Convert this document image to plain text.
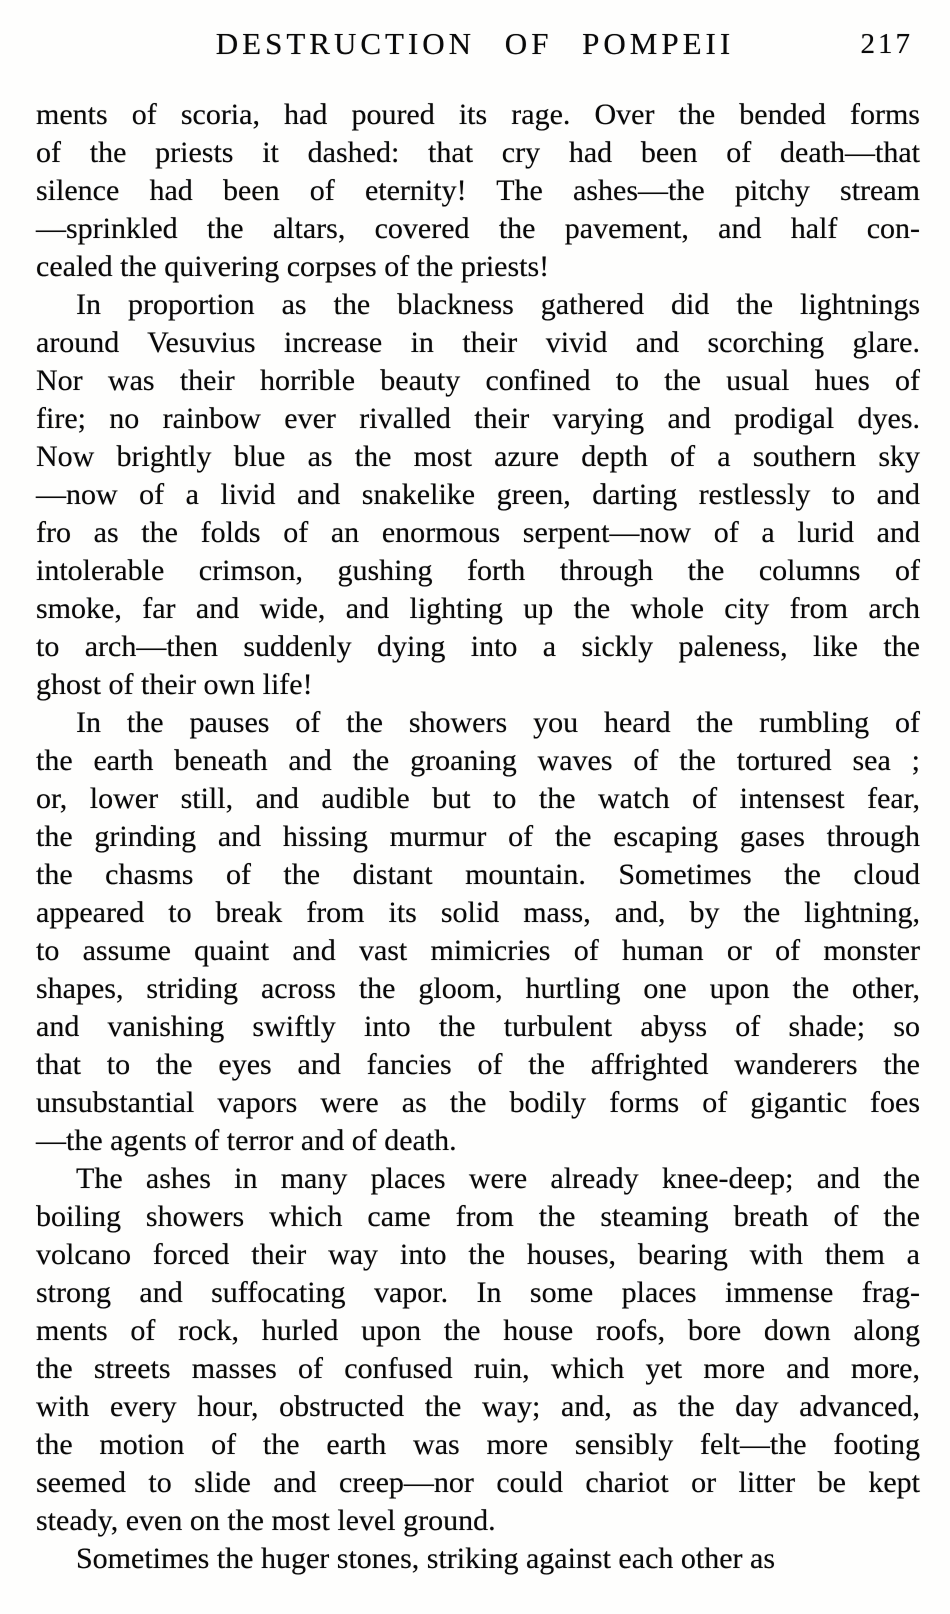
DESTRUCTION OF POMPEII	217
ments of scoria, had poured its rage. Over the bended forms
of the priests it dashed: that cry had been of death—that
silence had been of eternity! The ashes—the pitchy stream
—sprinkled the altars, covered the pavement, and half con-
cealed the quivering corpses of the priests!
In proportion as the blackness gathered did the lightnings
around Vesuvius increase in their vivid and scorching glare.
Nor was their horrible beauty confined to the usual hues of
fire; no rainbow ever rivalled their varying and prodigal dyes.
Now brightly blue as the most azure depth of a southern sky
—now of a livid and snakelike green, darting restlessly to and
fro as the folds of an enormous serpent—now of a lurid and
intolerable crimson, gushing forth through the columns of
smoke, far and wide, and lighting up the whole city from arch
to arch—then suddenly dying into a sickly paleness, like the
ghost of their own life!
In the pauses of the showers you heard the rumbling of
the earth beneath and the groaning waves of the tortured sea ;
or, lower still, and audible but to the watch of intensest fear,
the grinding and hissing murmur of the escaping gases through
the chasms of the distant mountain. Sometimes the cloud
appeared to break from its solid mass, and, by the lightning,
to assume quaint and vast mimicries of human or of monster
shapes, striding across the gloom, hurtling one upon the other,
and vanishing swiftly into the turbulent abyss of shade; so
that to the eyes and fancies of the affrighted wanderers the
unsubstantial vapors were as the bodily forms of gigantic foes
—the agents of terror and of death.
The ashes in many places were already knee-deep; and the
boiling showers which came from the steaming breath of the
volcano forced their way into the houses, bearing with them a
strong and suffocating vapor. In some places immense frag-
ments of rock, hurled upon the house roofs, bore down along
the streets masses of confused ruin, which yet more and more,
with every hour, obstructed the way; and, as the day advanced,
the motion of the earth was more sensibly felt—the footing
seemed to slide and creep—nor could chariot or litter be kept
steady, even on the most level ground.
Sometimes the huger stones, striking against each other as
